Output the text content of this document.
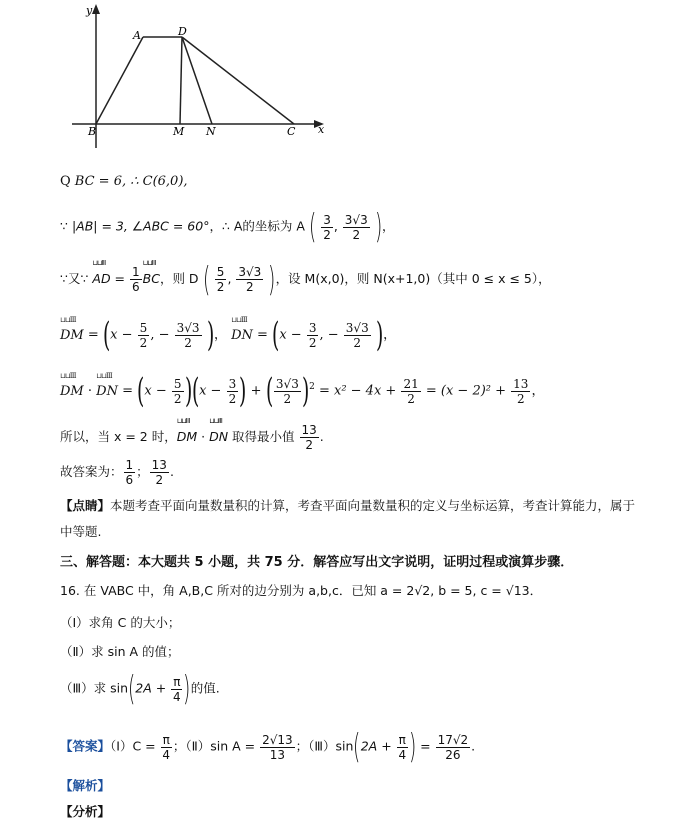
y
x
A	D
B	M N	C
Q BC = 6, ∴ C(6,0),
∵ |AB| = 3, ∠ABC = 60°，∴ A的坐标为 A ( $\frac{3}{2}$ , $\frac{3√3}{2}$ )，
∵又∵ ⊔⊔Ⅲ AD = $\frac{1}{6}$ ⊔⊔Ⅲ BC，则 D ( $\frac{5}{2}$ , $\frac{3√3}{2}$ )，设 M(x,0)，则 N(x+1,0)（其中 0 ≤ x ≤ 5），
⊔⊔Ⅲ DM = ($x - \frac{5}{2}$ , − $\frac{3√3}{2}$ )， ⊔⊔Ⅲ DN = ($x - \frac{3}{2}$ , − $\frac{3√3}{2}$ )，
⊔⊔Ⅲ DM · ⊔⊔Ⅲ DN = $(x - \frac{5}{2} )(x - \frac{3}{2}$ ) + ( $\frac{3√3}{2} )^2 = x^2 - 4x + \frac{21}{2} = (x - 2)^2 + \frac{13}{2}$ ，
所以，当 x = 2 时，⊔⊔Ⅲ DM · ⊔⊔Ⅲ DN 取得最小值 $\frac{13}{2}$ .
故答案为： $\frac{1}{6}$ ； $\frac{13}{2}$ .
【点睛】本题考查平面向量数量积的计算，考查平面向量数量积的定义与坐标运算，考查计算能力，属于
中等题.
三、解答题：本大题共 5 小题，共 75 分．解答应写出文字说明，证明过程或演算步骤．
16. 在 VABC 中，角 A,B,C 所对的边分别为 a,b,c．已知 a = 2√2, b = 5, c = √13．
（Ⅰ）求角 C 的大小；
（Ⅱ）求 sin A 的值；
（Ⅲ）求 $\sin(2A + \frac{\pi}{4}$ )的值.
【答案】（Ⅰ）C = $\frac{\pi}{4}$ ；（Ⅱ）sin $A = \frac{2√13}{13}$ ；（Ⅲ）sin(2A + $\frac{\pi}{4}$ ) = $\frac{17√2}{26}$ .
【解析】
【分析】
